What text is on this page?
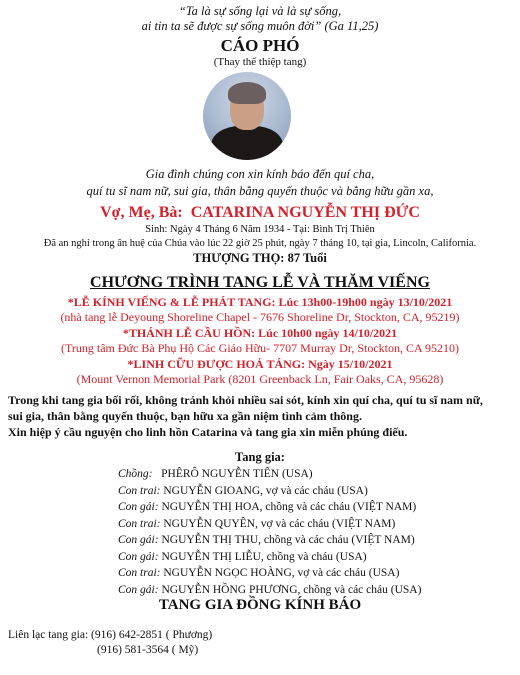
“Ta là sự sống lại và là sự sống,
ai tin ta sẽ được sự sống muôn đời” (Ga 11,25)
CÁO PHÓ
(Thay thế thiệp tang)
Gia đình chúng con xin kính báo đến quí cha,
quí tu sĩ nam nữ, sui gia, thân bằng quyến thuộc và bằng hữu gần xa,
Vợ, Mẹ, Bà: CATARINA NGUYỄN THỊ ĐỨC
Sinh: Ngày 4 Tháng 6 Năm 1934 - Tại: Bình Trị Thiên
Đã an nghỉ trong ân huệ của Chúa vào lúc 22 giờ 25 phút, ngày 7 tháng 10, tại gia, Lincoln, California.
THƯỢNG THỌ: 87 Tuổi
CHƯƠNG TRÌNH TANG LỄ VÀ THĂM VIẾNG
*LỄ KÍNH VIẾNG & LỄ PHÁT TANG: Lúc 13h00-19h00 ngày 13/10/2021
(nhà tang lễ Deyoung Shoreline Chapel - 7676 Shoreline Dr, Stockton, CA, 95219)
*THÁNH LỄ CẦU HỒN: Lúc 10h00 ngày 14/10/2021
(Trung tâm Đức Bà Phụ Hộ Các Giáo Hữu- 7707 Murray Dr, Stockton, CA 95210)
*LINH CỮU ĐƯỢC HOẢ TÁNG: Ngày 15/10/2021
(Mount Vernon Memorial Park (8201 Greenback Ln, Fair Oaks, CA, 95628)
Trong khi tang gia bối rối, không tránh khỏi nhiều sai sót, kính xin quí cha, quí tu sĩ nam nữ,
sui gia, thân bằng quyến thuộc, bạn hữu xa gần niệm tình cảm thông.
Xin hiệp ý cầu nguyện cho linh hồn Catarina và tang gia xin miễn phúng điếu.
Tang gia:
Chồng: PHÊRÔ NGUYỄN TIẾN (USA)
Con trai: NGUYỄN GIOANG, vợ và các cháu (USA)
Con gái: NGUYỄN THỊ HOA, chồng và các cháu (VIỆT NAM)
Con trai: NGUYỄN QUYÊN, vợ và các cháu (VIỆT NAM)
Con gái: NGUYỄN THỊ THU, chồng và các cháu (VIỆT NAM)
Con gái: NGUYỄN THỊ LIỄU, chồng và cháu (USA)
Con trai: NGUYỄN NGỌC HOÀNG, vợ và các cháu (USA)
Con gái: NGUYỄN HỒNG PHƯƠNG, chồng và các cháu (USA)
TANG GIA ĐỒNG KÍNH BÁO
Liên lạc tang gia: (916) 642-2851 ( Phương)
(916) 581-3564 ( Mỹ)
